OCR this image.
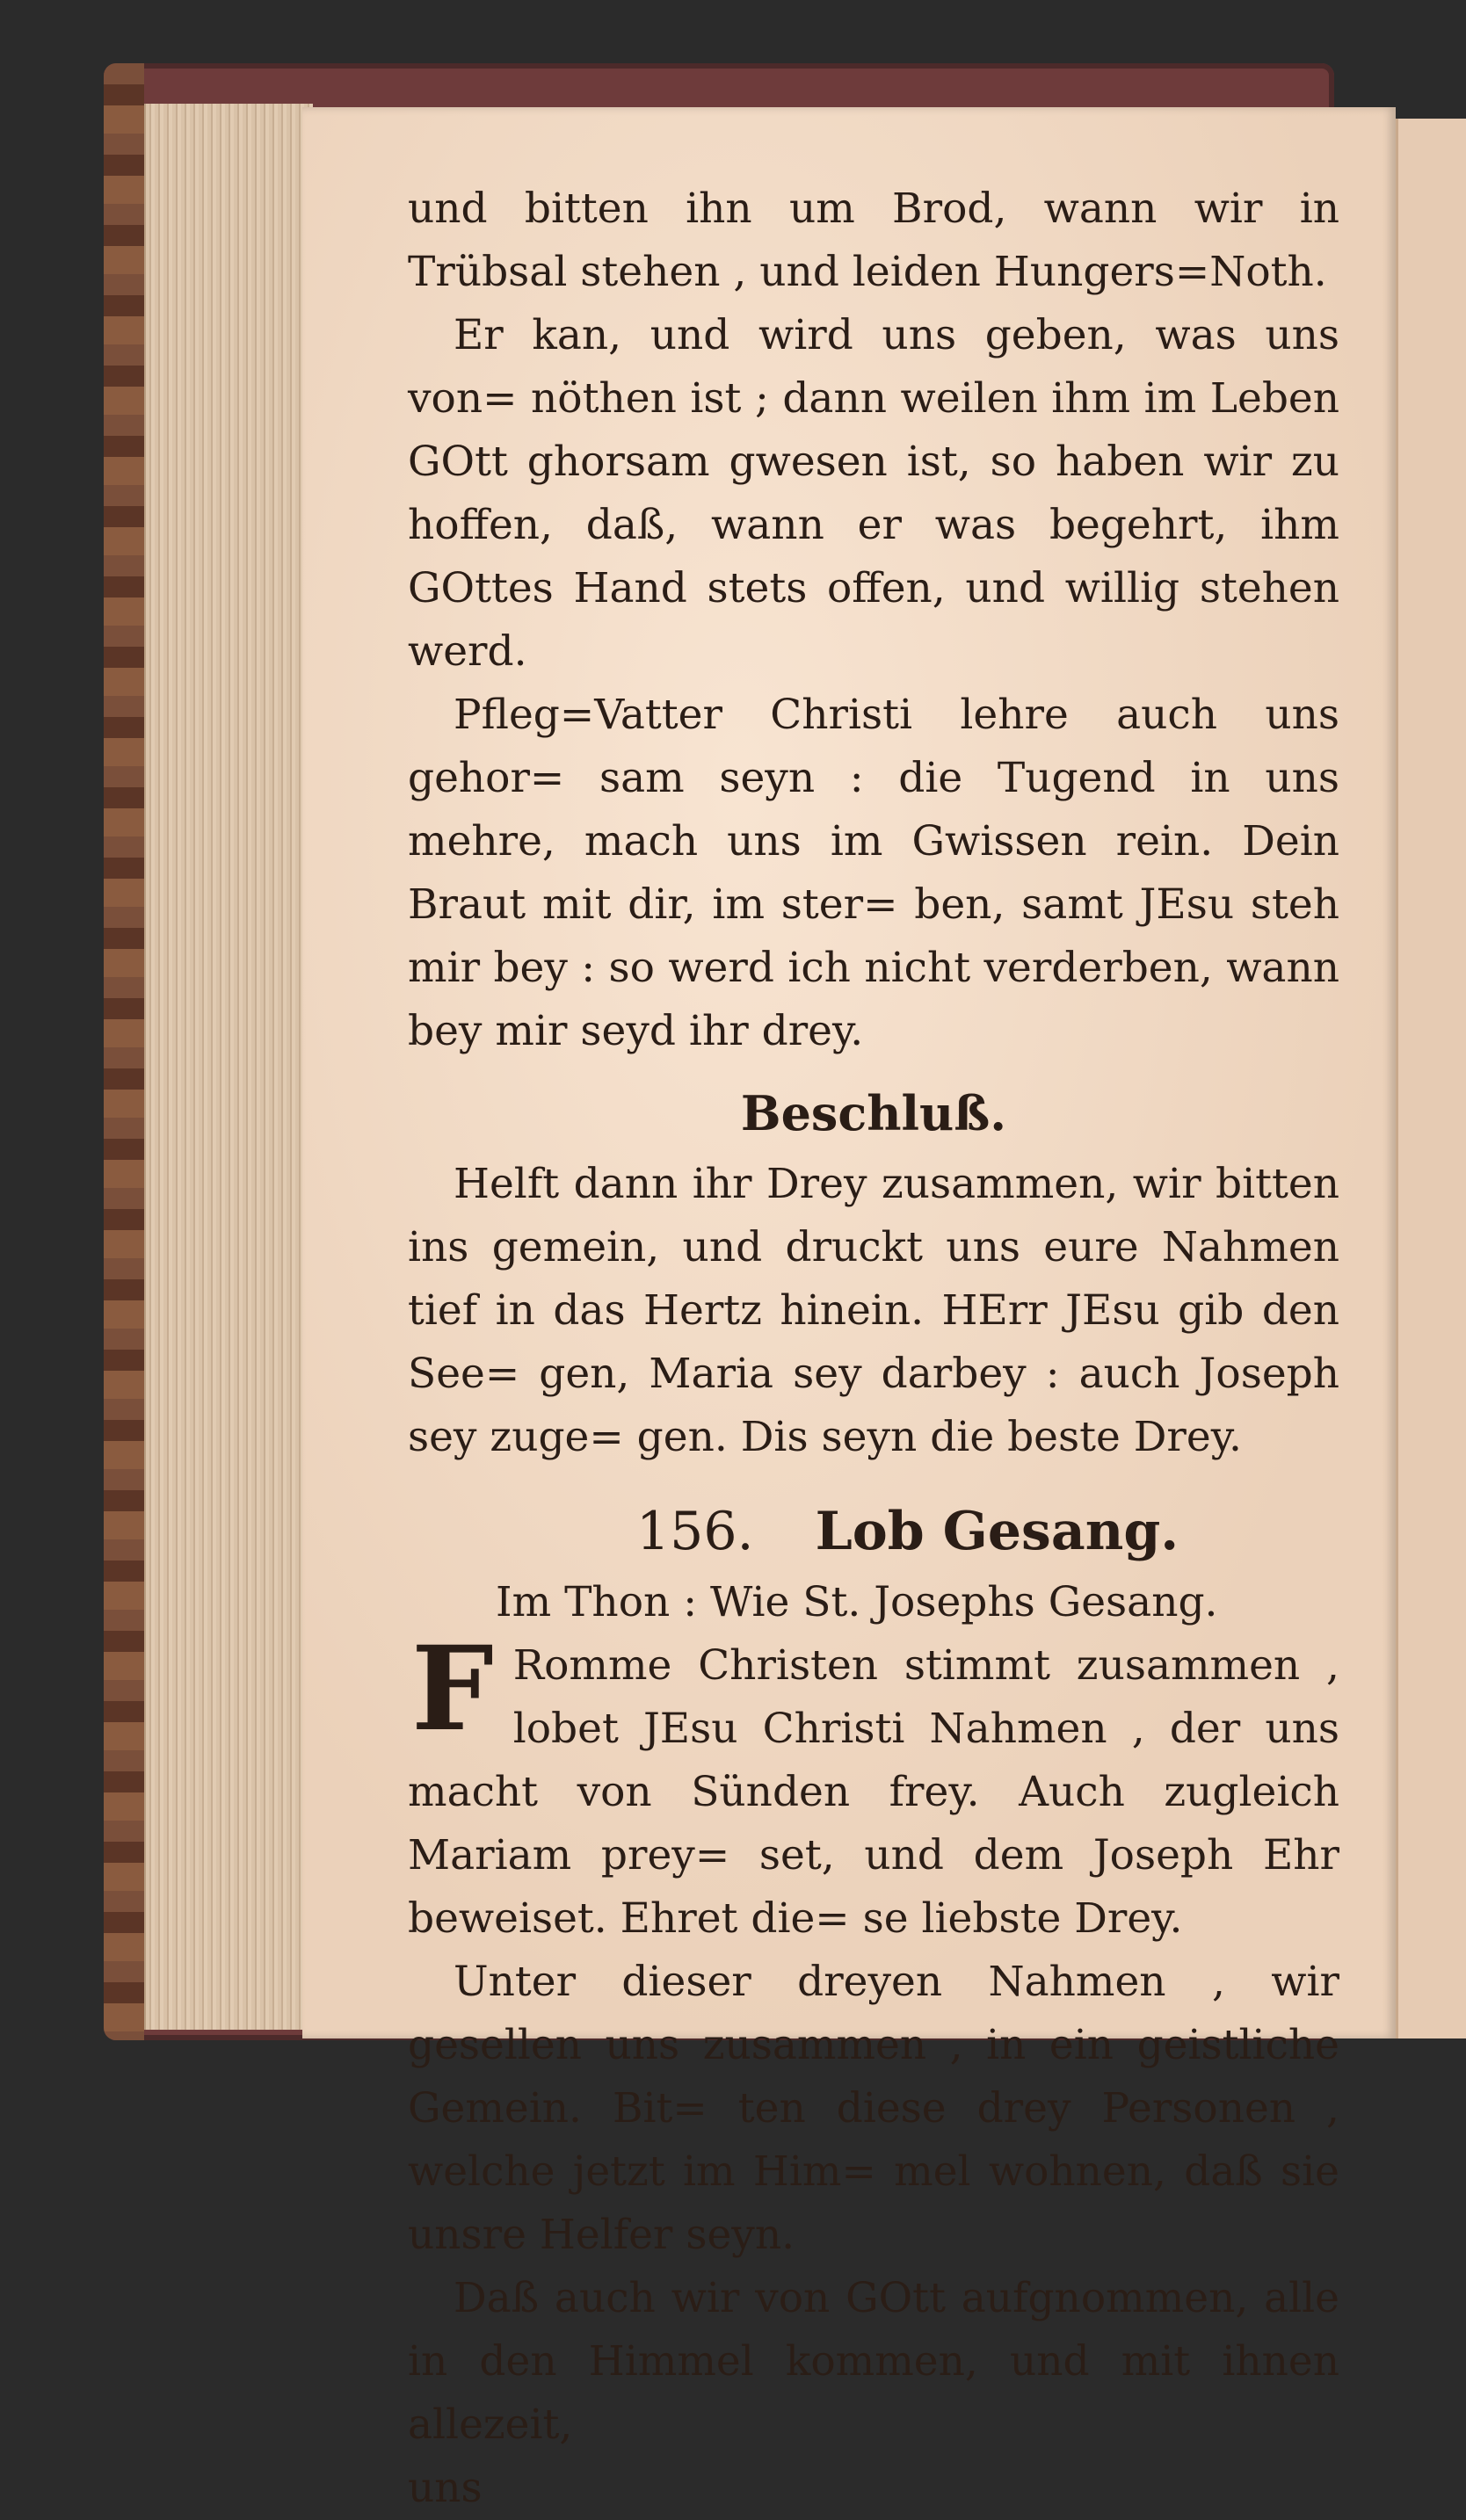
und bitten ihn um Brod, wann wir in Trübsal stehen , und leiden Hungers=Noth.

Er kan, und wird uns geben, was uns von= nöthen ist ; dann weilen ihm im Leben GOtt ghorsam gwesen ist, so haben wir zu hoffen, daß, wann er was begehrt, ihm GOttes Hand stets offen, und willig stehen werd.

Pfleg=Vatter Christi lehre auch uns gehor= sam seyn : die Tugend in uns mehre, mach uns im Gwissen rein. Dein Braut mit dir, im ster= ben, samt JEsu steh mir bey : so werd ich nicht verderben, wann bey mir seyd ihr drey.

Beschluß.

Helft dann ihr Drey zusammen, wir bitten ins gemein, und druckt uns eure Nahmen tief in das Hertz hinein. HErr JEsu gib den See= gen, Maria sey darbey : auch Joseph sey zuge= gen. Dis seyn die beste Drey.

156. Lob Gesang.

Im Thon : Wie St. Josephs Gesang.

F Romme Christen stimmt zusammen , lobet JEsu Christi Nahmen , der uns macht von Sünden frey. Auch zugleich Mariam prey= set, und dem Joseph Ehr beweiset. Ehret die= se liebste Drey.

Unter dieser dreyen Nahmen , wir gesellen uns zusammen , in ein geistliche Gemein. Bit= ten diese drey Personen , welche jetzt im Him= mel wohnen, daß sie unsre Helfer seyn.

Daß auch wir von GOtt aufgnommen, alle in den Himmel kommen, und mit ihnen allezeit,

uns
